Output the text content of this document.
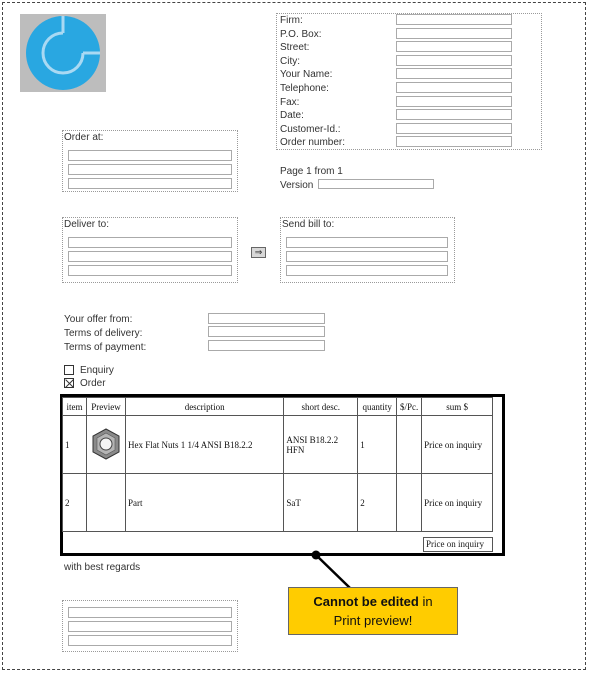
Firm:
P.O. Box:
Street:
City:
Your Name:
Telephone:
Fax:
Date:
Customer-Id.:
Order number:
Order at:
Page 1 from 1
Version
Deliver to:
⇒
Send bill to:
Your offer from:
Terms of delivery:
Terms of payment:
Enquiry
Order
item	Preview	description	short desc.	quantity	$/Pc.	sum $
1		Hex Flat Nuts 1 1/4 ANSI B18.2.2	ANSI B18.2.2 HFN	1		Price on inquiry
2		Part	SaT	2		Price on inquiry
Price on inquiry
with best regards
Cannot be edited in
Print preview!
